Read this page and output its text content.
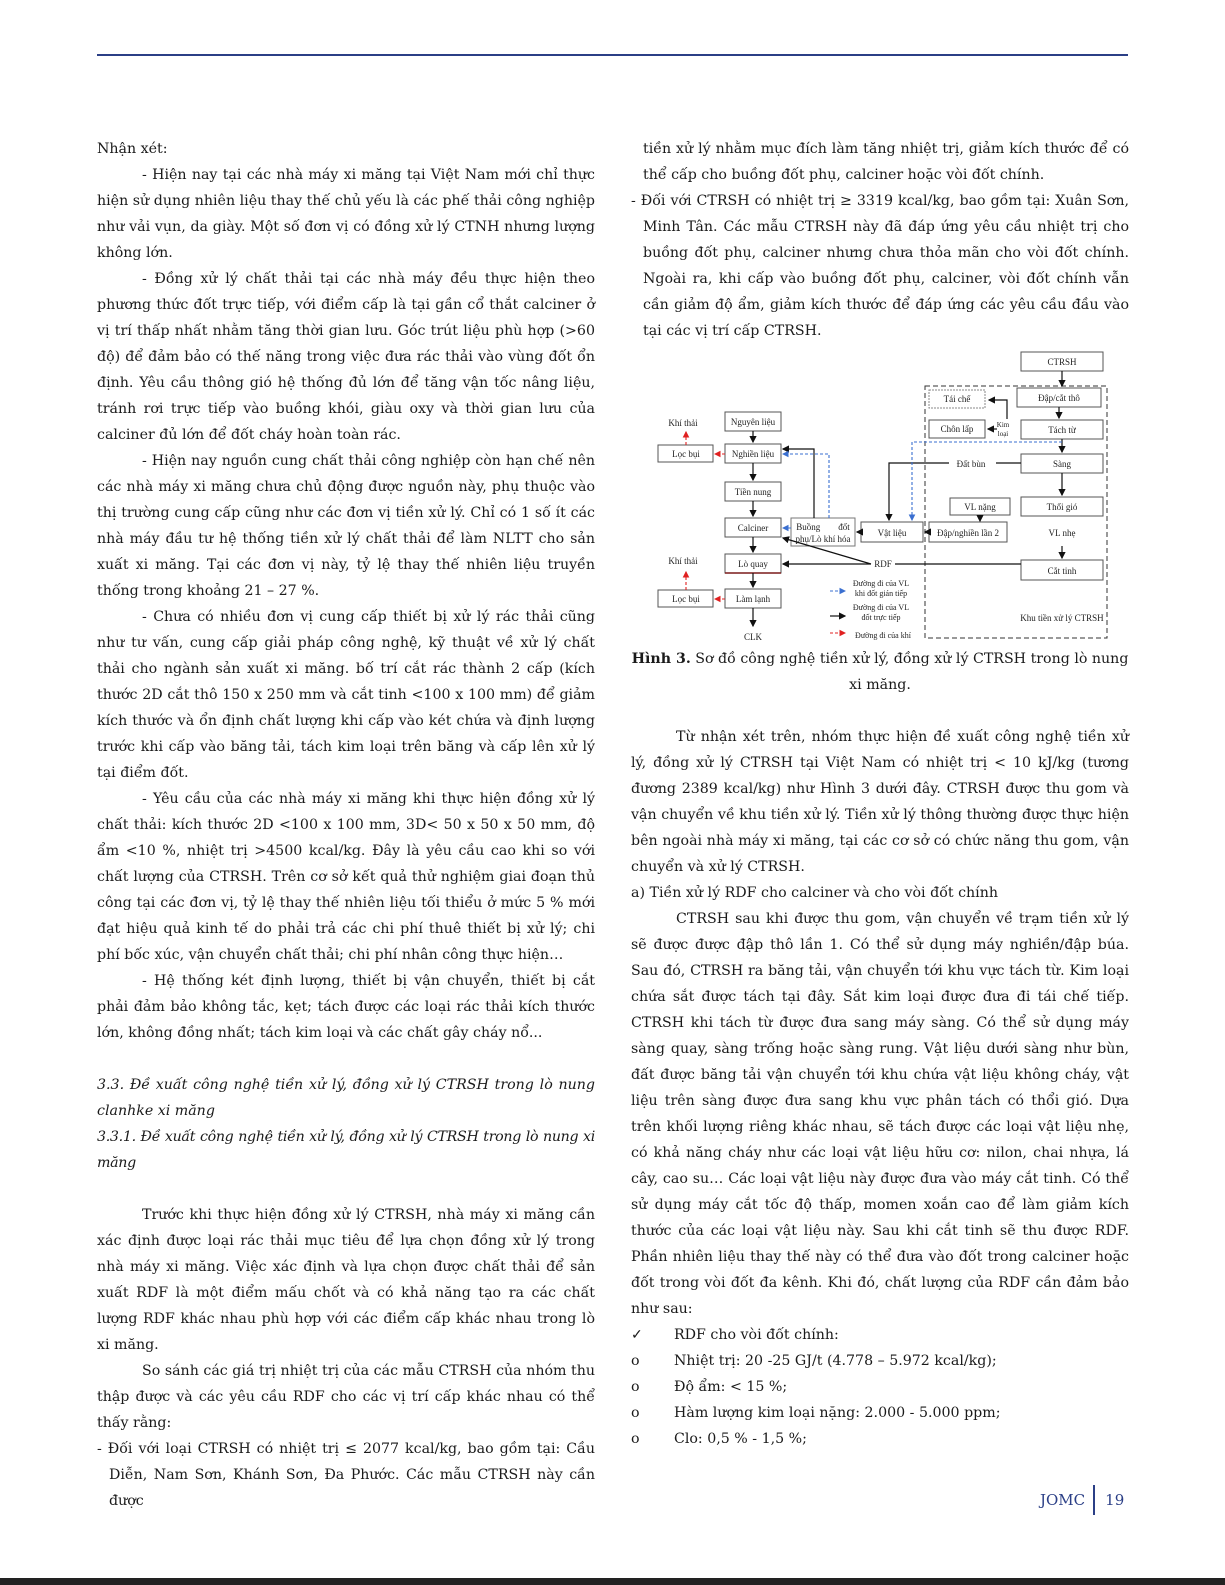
Nhận xét:

- Hiện nay tại các nhà máy xi măng tại Việt Nam mới chỉ thực hiện sử dụng nhiên liệu thay thế chủ yếu là các phế thải công nghiệp như vải vụn, da giày. Một số đơn vị có đồng xử lý CTNH nhưng lượng không lớn.

- Đồng xử lý chất thải tại các nhà máy đều thực hiện theo phương thức đốt trực tiếp, với điểm cấp là tại gần cổ thắt calciner ở vị trí thấp nhất nhằm tăng thời gian lưu. Góc trút liệu phù hợp (>60 độ) để đảm bảo có thế năng trong việc đưa rác thải vào vùng đốt ổn định. Yêu cầu thông gió hệ thống đủ lớn để tăng vận tốc nâng liệu, tránh rơi trực tiếp vào buồng khói, giàu oxy và thời gian lưu của calciner đủ lớn để đốt cháy hoàn toàn rác.

- Hiện nay nguồn cung chất thải công nghiệp còn hạn chế nên các nhà máy xi măng chưa chủ động được nguồn này, phụ thuộc vào thị trường cung cấp cũng như các đơn vị tiền xử lý. Chỉ có 1 số ít các nhà máy đầu tư hệ thống tiền xử lý chất thải để làm NLTT cho sản xuất xi măng. Tại các đơn vị này, tỷ lệ thay thế nhiên liệu truyền thống trong khoảng 21 – 27 %.

- Chưa có nhiều đơn vị cung cấp thiết bị xử lý rác thải cũng như tư vấn, cung cấp giải pháp công nghệ, kỹ thuật về xử lý chất thải cho ngành sản xuất xi măng. bố trí cắt rác thành 2 cấp (kích thước 2D cắt thô 150 x 250 mm và cắt tinh <100 x 100 mm) để giảm kích thước và ổn định chất lượng khi cấp vào két chứa và định lượng trước khi cấp vào băng tải, tách kim loại trên băng và cấp lên xử lý tại điểm đốt.

- Yêu cầu của các nhà máy xi măng khi thực hiện đồng xử lý chất thải: kích thước 2D <100 x 100 mm, 3D< 50 x 50 x 50 mm, độ ẩm <10 %, nhiệt trị >4500 kcal/kg. Đây là yêu cầu cao khi so với chất lượng của CTRSH. Trên cơ sở kết quả thử nghiệm giai đoạn thủ công tại các đơn vị, tỷ lệ thay thế nhiên liệu tối thiểu ở mức 5 % mới đạt hiệu quả kinh tế do phải trả các chi phí thuê thiết bị xử lý; chi phí bốc xúc, vận chuyển chất thải; chi phí nhân công thực hiện…

- Hệ thống két định lượng, thiết bị vận chuyển, thiết bị cắt phải đảm bảo không tắc, kẹt; tách được các loại rác thải kích thước lớn, không đồng nhất; tách kim loại và các chất gây cháy nổ...

3.3. Đề xuất công nghệ tiền xử lý, đồng xử lý CTRSH trong lò nung clanhke xi măng

3.3.1. Đề xuất công nghệ tiền xử lý, đồng xử lý CTRSH trong lò nung xi măng

Trước khi thực hiện đồng xử lý CTRSH, nhà máy xi măng cần xác định được loại rác thải mục tiêu để lựa chọn đồng xử lý trong nhà máy xi măng. Việc xác định và lựa chọn được chất thải để sản xuất RDF là một điểm mấu chốt và có khả năng tạo ra các chất lượng RDF khác nhau phù hợp với các điểm cấp khác nhau trong lò xi măng.

So sánh các giá trị nhiệt trị của các mẫu CTRSH của nhóm thu thập được và các yêu cầu RDF cho các vị trí cấp khác nhau có thể thấy rằng:

- Đối với loại CTRSH có nhiệt trị ≤ 2077 kcal/kg, bao gồm tại: Cầu Diễn, Nam Sơn, Khánh Sơn, Đa Phước. Các mẫu CTRSH này cần được

tiền xử lý nhằm mục đích làm tăng nhiệt trị, giảm kích thước để có thể cấp cho buồng đốt phụ, calciner hoặc vòi đốt chính.

- Đối với CTRSH có nhiệt trị ≥ 3319 kcal/kg, bao gồm tại: Xuân Sơn, Minh Tân. Các mẫu CTRSH này đã đáp ứng yêu cầu nhiệt trị cho buồng đốt phụ, calciner nhưng chưa thỏa mãn cho vòi đốt chính. Ngoài ra, khi cấp vào buồng đốt phụ, calciner, vòi đốt chính vẫn cần giảm độ ẩm, giảm kích thước để đáp ứng các yêu cầu đầu vào tại các vị trí cấp CTRSH.

CTRSH
Đập/cắt thô
Tái chế
Chôn lấp	Kim
loại	Tách từ
Đất bùn	Sàng
VL nặng	Thổi gió
VL nhẹ
Đập/nghiền lần 2
Vật liệu
Cắt tinh
Khu tiền xử lý CTRSH
Khí thải
Lọc bụi
Nguyên liệu
Nghiền liệu
Tiền nung
Calciner	Buồng        đốt
phụ/Lò khí hóa
Khí thải	Lò quay
Lọc bụi	Làm lạnh
CLK
RDF
Đường đi của VL
khi đốt gián tiếp
Đường đi của VL
đốt trực tiếp
Đường đi của khí

Hình 3. Sơ đồ công nghệ tiền xử lý, đồng xử lý CTRSH trong lò nung xi măng.

Từ nhận xét trên, nhóm thực hiện đề xuất công nghệ tiền xử lý, đồng xử lý CTRSH tại Việt Nam có nhiệt trị < 10 kJ/kg (tương đương 2389 kcal/kg) như Hình 3 dưới đây. CTRSH được thu gom và vận chuyển về khu tiền xử lý. Tiền xử lý thông thường được thực hiện bên ngoài nhà máy xi măng, tại các cơ sở có chức năng thu gom, vận chuyển và xử lý CTRSH.

a) Tiền xử lý RDF cho calciner và cho vòi đốt chính

CTRSH sau khi được thu gom, vận chuyển về trạm tiền xử lý sẽ được được đập thô lần 1. Có thể sử dụng máy nghiền/đập búa. Sau đó, CTRSH ra băng tải, vận chuyển tới khu vực tách từ. Kim loại chứa sắt được tách tại đây. Sắt kim loại được đưa đi tái chế tiếp. CTRSH khi tách từ được đưa sang máy sàng. Có thể sử dụng máy sàng quay, sàng trống hoặc sàng rung. Vật liệu dưới sàng như bùn, đất được băng tải vận chuyển tới khu chứa vật liệu không cháy, vật liệu trên sàng được đưa sang khu vực phân tách có thổi gió. Dựa trên khối lượng riêng khác nhau, sẽ tách được các loại vật liệu nhẹ, có khả năng cháy như các loại vật liệu hữu cơ: nilon, chai nhựa, lá cây, cao su… Các loại vật liệu này được đưa vào máy cắt tinh. Có thể sử dụng máy cắt tốc độ thấp, momen xoắn cao để làm giảm kích thước của các loại vật liệu này. Sau khi cắt tinh sẽ thu được RDF. Phần nhiên liệu thay thế này có thể đưa vào đốt trong calciner hoặc đốt trong vòi đốt đa kênh. Khi đó, chất lượng của RDF cần đảm bảo như sau:

✓	RDF cho vòi đốt chính:
o	Nhiệt trị: 20 -25 GJ/t (4.778 – 5.972 kcal/kg);
o	Độ ẩm: < 15 %;
o	Hàm lượng kim loại nặng: 2.000 - 5.000 ppm;
o	Clo: 0,5 % - 1,5 %;
JOMC 19
